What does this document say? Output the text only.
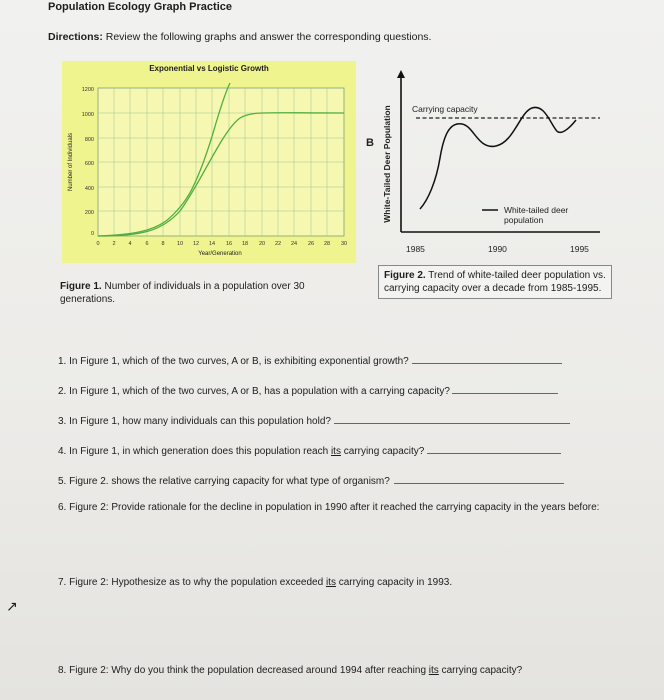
Population Ecology Graph Practice
Directions: Review the following graphs and answer the corresponding questions.
Exponential vs Logistic Growth
1200
1000
800
600
400
200
0
0 2 4	6 8 10 12 14 16 18 20 22 24 26 28 30
Year/Generation
Number of Individuals
Figure 1. Number of individuals in a population over 30 generations.
B White-Tailed Deer Population Carrying capacity
White-tailed deer
population
1985	1990	1995
Figure 2. Trend of white-tailed deer population vs. carrying capacity over a decade from 1985-1995.
1. In Figure 1, which of the two curves, A or B, is exhibiting exponential growth?
2. In Figure 1, which of the two curves, A or B, has a population with a carrying capacity?
3. In Figure 1, how many individuals can this population hold?
4. In Figure 1, in which generation does this population reach its carrying capacity?
5. Figure 2. shows the relative carrying capacity for what type of organism?
6. Figure 2: Provide rationale for the decline in population in 1990 after it reached the carrying capacity in the years before:
7. Figure 2: Hypothesize as to why the population exceeded its carrying capacity in 1993.
8. Figure 2: Why do you think the population decreased around 1994 after reaching its carrying capacity?
↗
